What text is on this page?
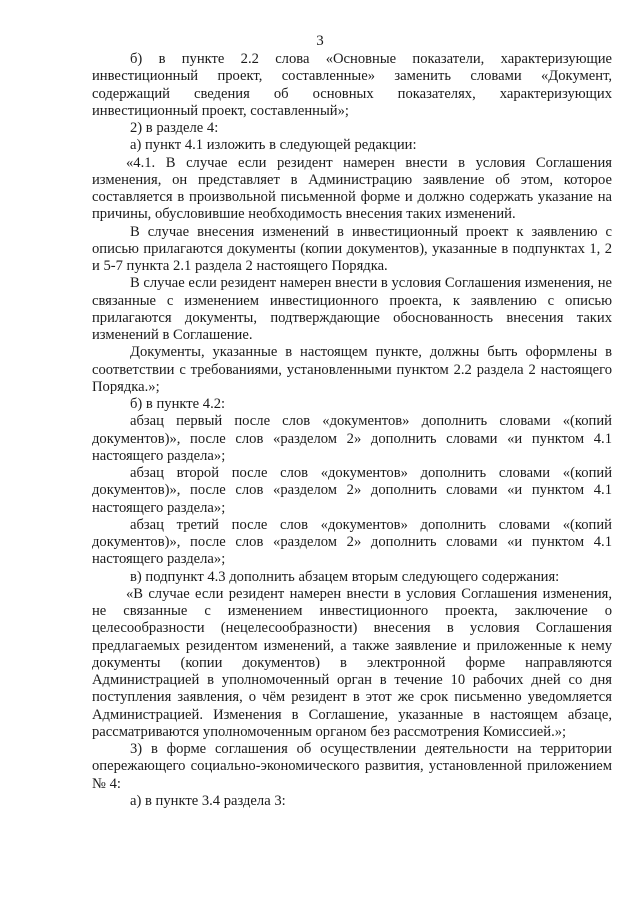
3

б) в пункте 2.2 слова «Основные показатели, характеризующие инвестиционный проект, составленные» заменить словами «Документ, содержащий сведения об основных показателях, характеризующих инвестиционный проект, составленный»;

2) в разделе 4:

а) пункт 4.1 изложить в следующей редакции:

«4.1. В случае если резидент намерен внести в условия Соглашения изменения, он представляет в Администрацию заявление об этом, которое составляется в произвольной письменной форме и должно содержать указание на причины, обусловившие необходимость внесения таких изменений.

В случае внесения изменений в инвестиционный проект к заявлению с описью прилагаются документы (копии документов), указанные в подпунктах 1, 2 и 5-7 пункта 2.1 раздела 2 настоящего Порядка.

В случае если резидент намерен внести в условия Соглашения изменения, не связанные с изменением инвестиционного проекта, к заявлению с описью прилагаются документы, подтверждающие обоснованность внесения таких изменений в Соглашение.

Документы, указанные в настоящем пункте, должны быть оформлены в соответствии с требованиями, установленными пунктом 2.2 раздела 2 настоящего Порядка.»;

б) в пункте 4.2:

абзац первый после слов «документов» дополнить словами «(копий документов)», после слов «разделом 2» дополнить словами «и пунктом 4.1 настоящего раздела»;

абзац второй после слов «документов» дополнить словами «(копий документов)», после слов «разделом 2» дополнить словами «и пунктом 4.1 настоящего раздела»;

абзац третий после слов «документов» дополнить словами «(копий документов)», после слов «разделом 2» дополнить словами «и пунктом 4.1 настоящего раздела»;

в) подпункт 4.3 дополнить абзацем вторым следующего содержания:

«В случае если резидент намерен внести в условия Соглашения изменения, не связанные с изменением инвестиционного проекта, заключение о целесообразности (нецелесообразности) внесения в условия Соглашения предлагаемых резидентом изменений, а также заявление и приложенные к нему документы (копии документов) в электронной форме направляются Администрацией в уполномоченный орган в течение 10 рабочих дней со дня поступления заявления, о чём резидент в этот же срок письменно уведомляется Администрацией. Изменения в Соглашение, указанные в настоящем абзаце, рассматриваются уполномоченным органом без рассмотрения Комиссией.»;

3) в форме соглашения об осуществлении деятельности на территории опережающего социально-экономического развития, установленной приложением № 4:

а) в пункте 3.4 раздела 3:
